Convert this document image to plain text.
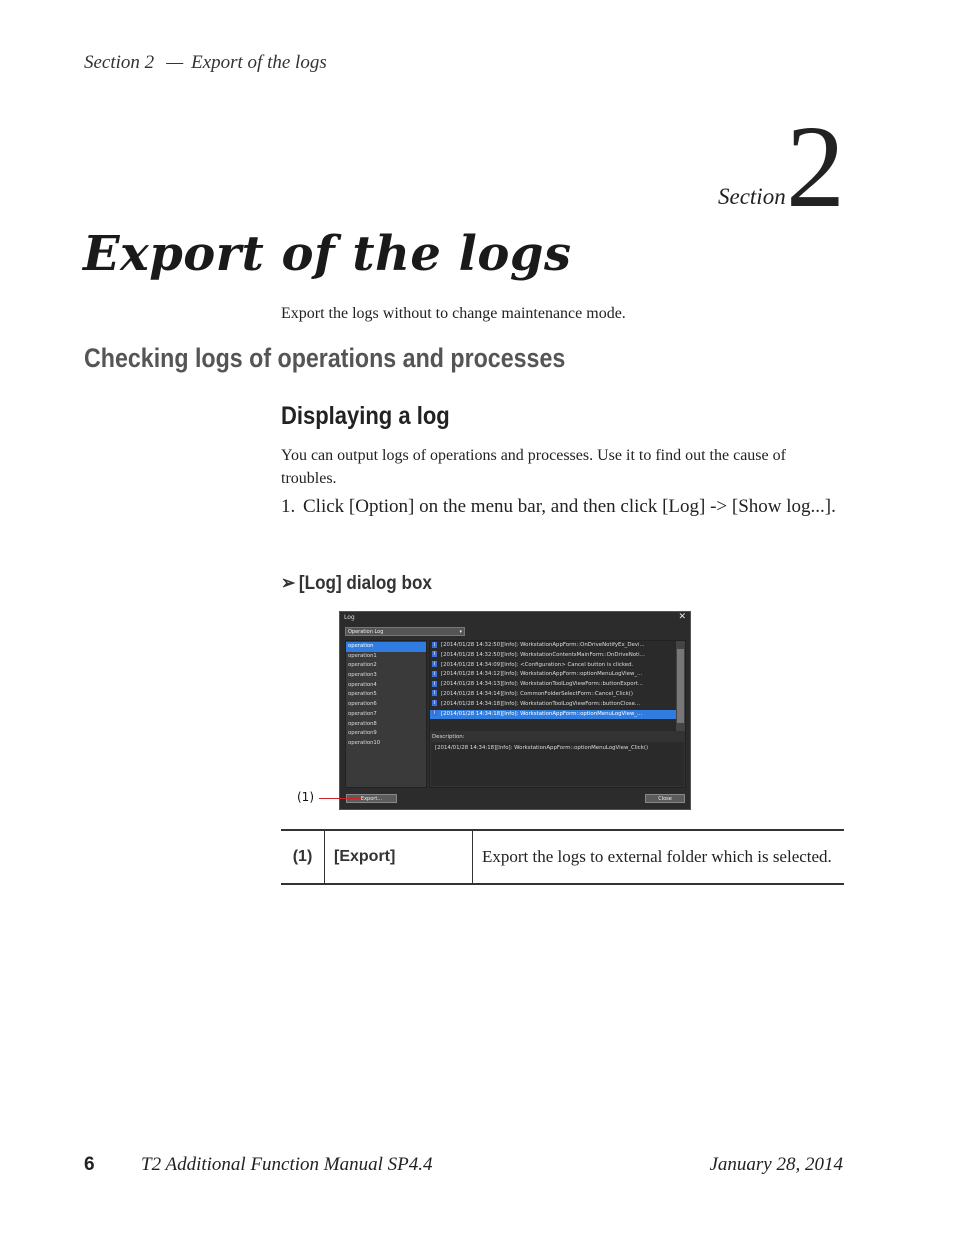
Section 2 — Export of the logs
Section 2
Export of the logs
Export the logs without to change maintenance mode.
Checking logs of operations and processes
Displaying a log
You can output logs of operations and processes. Use it to find out the cause of troubles.
1. Click [Option] on the menu bar, and then click [Log] -> [Show log...].
➢ [Log] dialog box
Log	✕
Operation Log	▾
operation
operation1
operation2
operation3
operation4
operation5
operation6
operation7
operation8
operation9
operation10
i [2014/01/28 14:32:50][Info]: WorkstationAppForm::OnDriveNotifyEx_Devi...
i [2014/01/28 14:32:50][Info]: WorkstationContentsMainForm::OnDriveNoti...
i [2014/01/28 14:34:09][Info]: <Configuration> Cancel button is clicked.
i [2014/01/28 14:34:12][Info]: WorkstationAppForm::optionMenuLogView_...
i [2014/01/28 14:34:13][Info]: WorkstationToolLogViewForm::buttonExport...
i [2014/01/28 14:34:14][Info]: CommonFolderSelectForm::Cancel_Click()
i [2014/01/28 14:34:18][Info]: WorkstationToolLogViewForm::buttonClose...
i [2014/01/28 14:34:18][Info]: WorkstationAppForm::optionMenuLogView_...
Description:
[2014/01/28 14:34:18][Info]: WorkstationAppForm::optionMenuLogView_Click()
Export...	Close
(1)
(1)	[Export]	Export the logs to external folder which is selected.
6 T2 Additional Function Manual SP4.4	January 28, 2014
